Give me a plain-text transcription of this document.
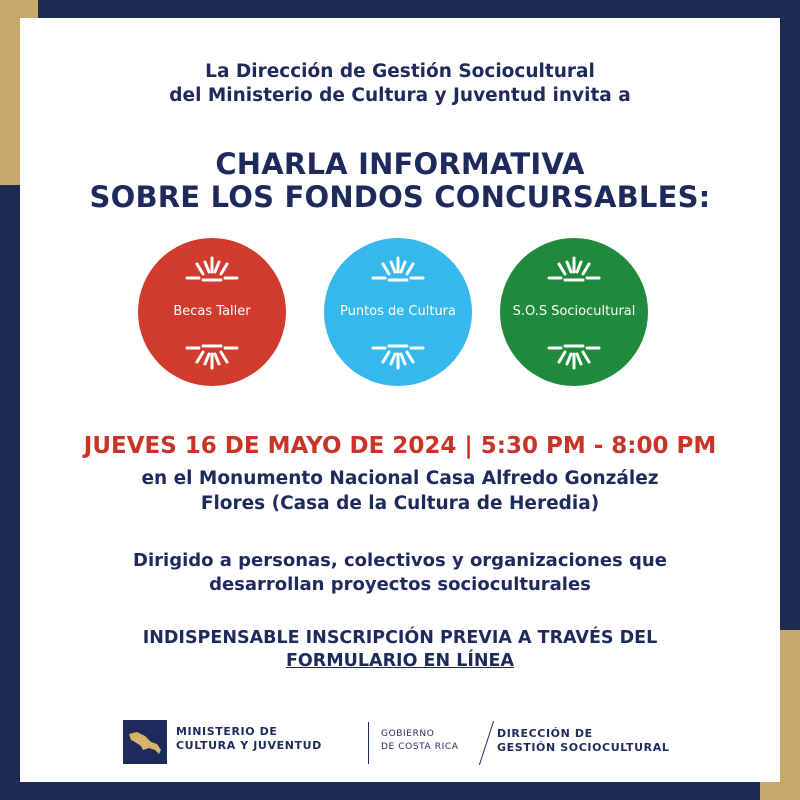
La Dirección de Gestión Sociocultural
del Ministerio de Cultura y Juventud invita a

CHARLA INFORMATIVA
SOBRE LOS FONDOS CONCURSABLES:
Becas Taller	Puntos de Cultura	S.O.S Sociocultural

JUEVES 16 DE MAYO DE 2024 | 5:30 PM - 8:00 PM

en el Monumento Nacional Casa Alfredo González
Flores (Casa de la Cultura de Heredia)

Dirigido a personas, colectivos y organizaciones que
desarrollan proyectos socioculturales

INDISPENSABLE INSCRIPCIÓN PREVIA A TRAVÉS DEL
FORMULARIO EN LÍNEA

MINISTERIO DE
CULTURA Y JUVENTUD

GOBIERNO
DE COSTA RICA

DIRECCIÓN DE
GESTIÓN SOCIOCULTURAL
